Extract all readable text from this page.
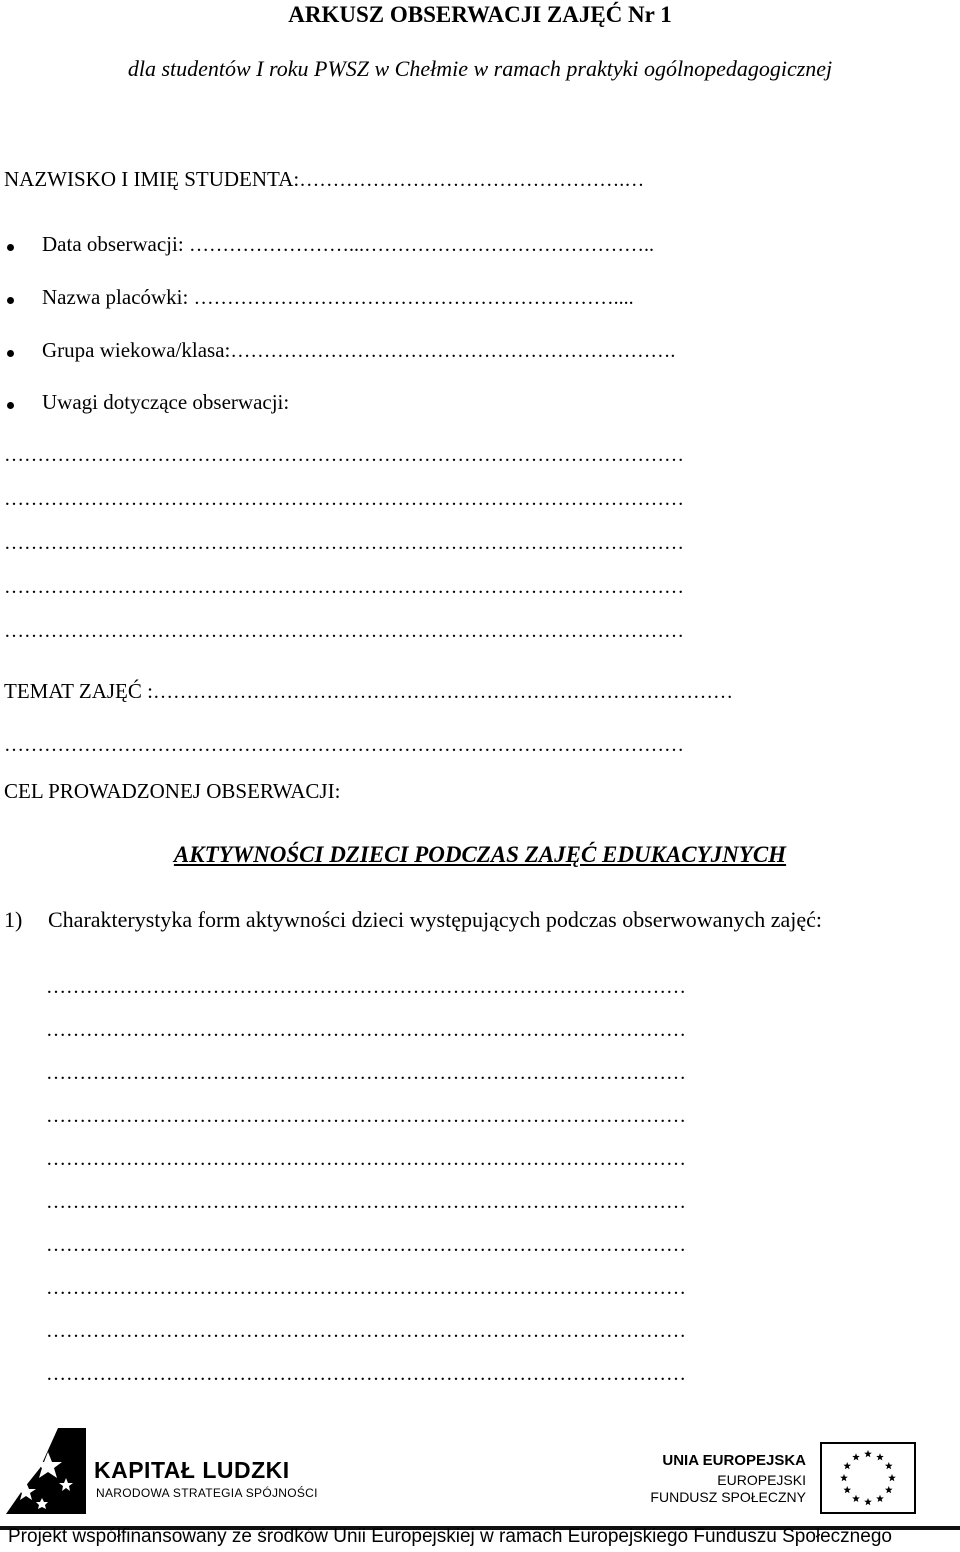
ARKUSZ OBSERWACJI ZAJĘĆ Nr 1
dla studentów I roku PWSZ w Chełmie w ramach praktyki ogólnopedagogicznej
NAZWISKO I IMIĘ STUDENTA:………………………………………….…
Data obserwacji: ……………………...……………………………………..
Nazwa placówki: ………………………………………………………....
Grupa wiekowa/klasa:………………………………………………………….
Uwagi dotyczące obserwacji:
…………………………………………………………………………………………
…………………………………………………………………………………………
…………………………………………………………………………………………
…………………………………………………………………………………………
…………………………………………………………………………………………
TEMAT ZAJĘĆ :……………………………………………………………………………
…………………………………………………………………………………………
CEL PROWADZONEJ OBSERWACJI:
AKTYWNOŚCI DZIECI PODCZAS ZAJĘĆ EDUKACYJNYCH
1) Charakterystyka form aktywności dzieci występujących podczas obserwowanych zajęć:
……………………………………………………………………………………
……………………………………………………………………………………
……………………………………………………………………………………
……………………………………………………………………………………
……………………………………………………………………………………
……………………………………………………………………………………
……………………………………………………………………………………
……………………………………………………………………………………
……………………………………………………………………………………
……………………………………………………………………………………
KAPITAŁ LUDZKI
NARODOWA STRATEGIA SPÓJNOŚCI
UNIA EUROPEJSKA
EUROPEJSKI
FUNDUSZ SPOŁECZNY
Projekt współfinansowany ze środków Unii Europejskiej w ramach Europejskiego Funduszu Społecznego
